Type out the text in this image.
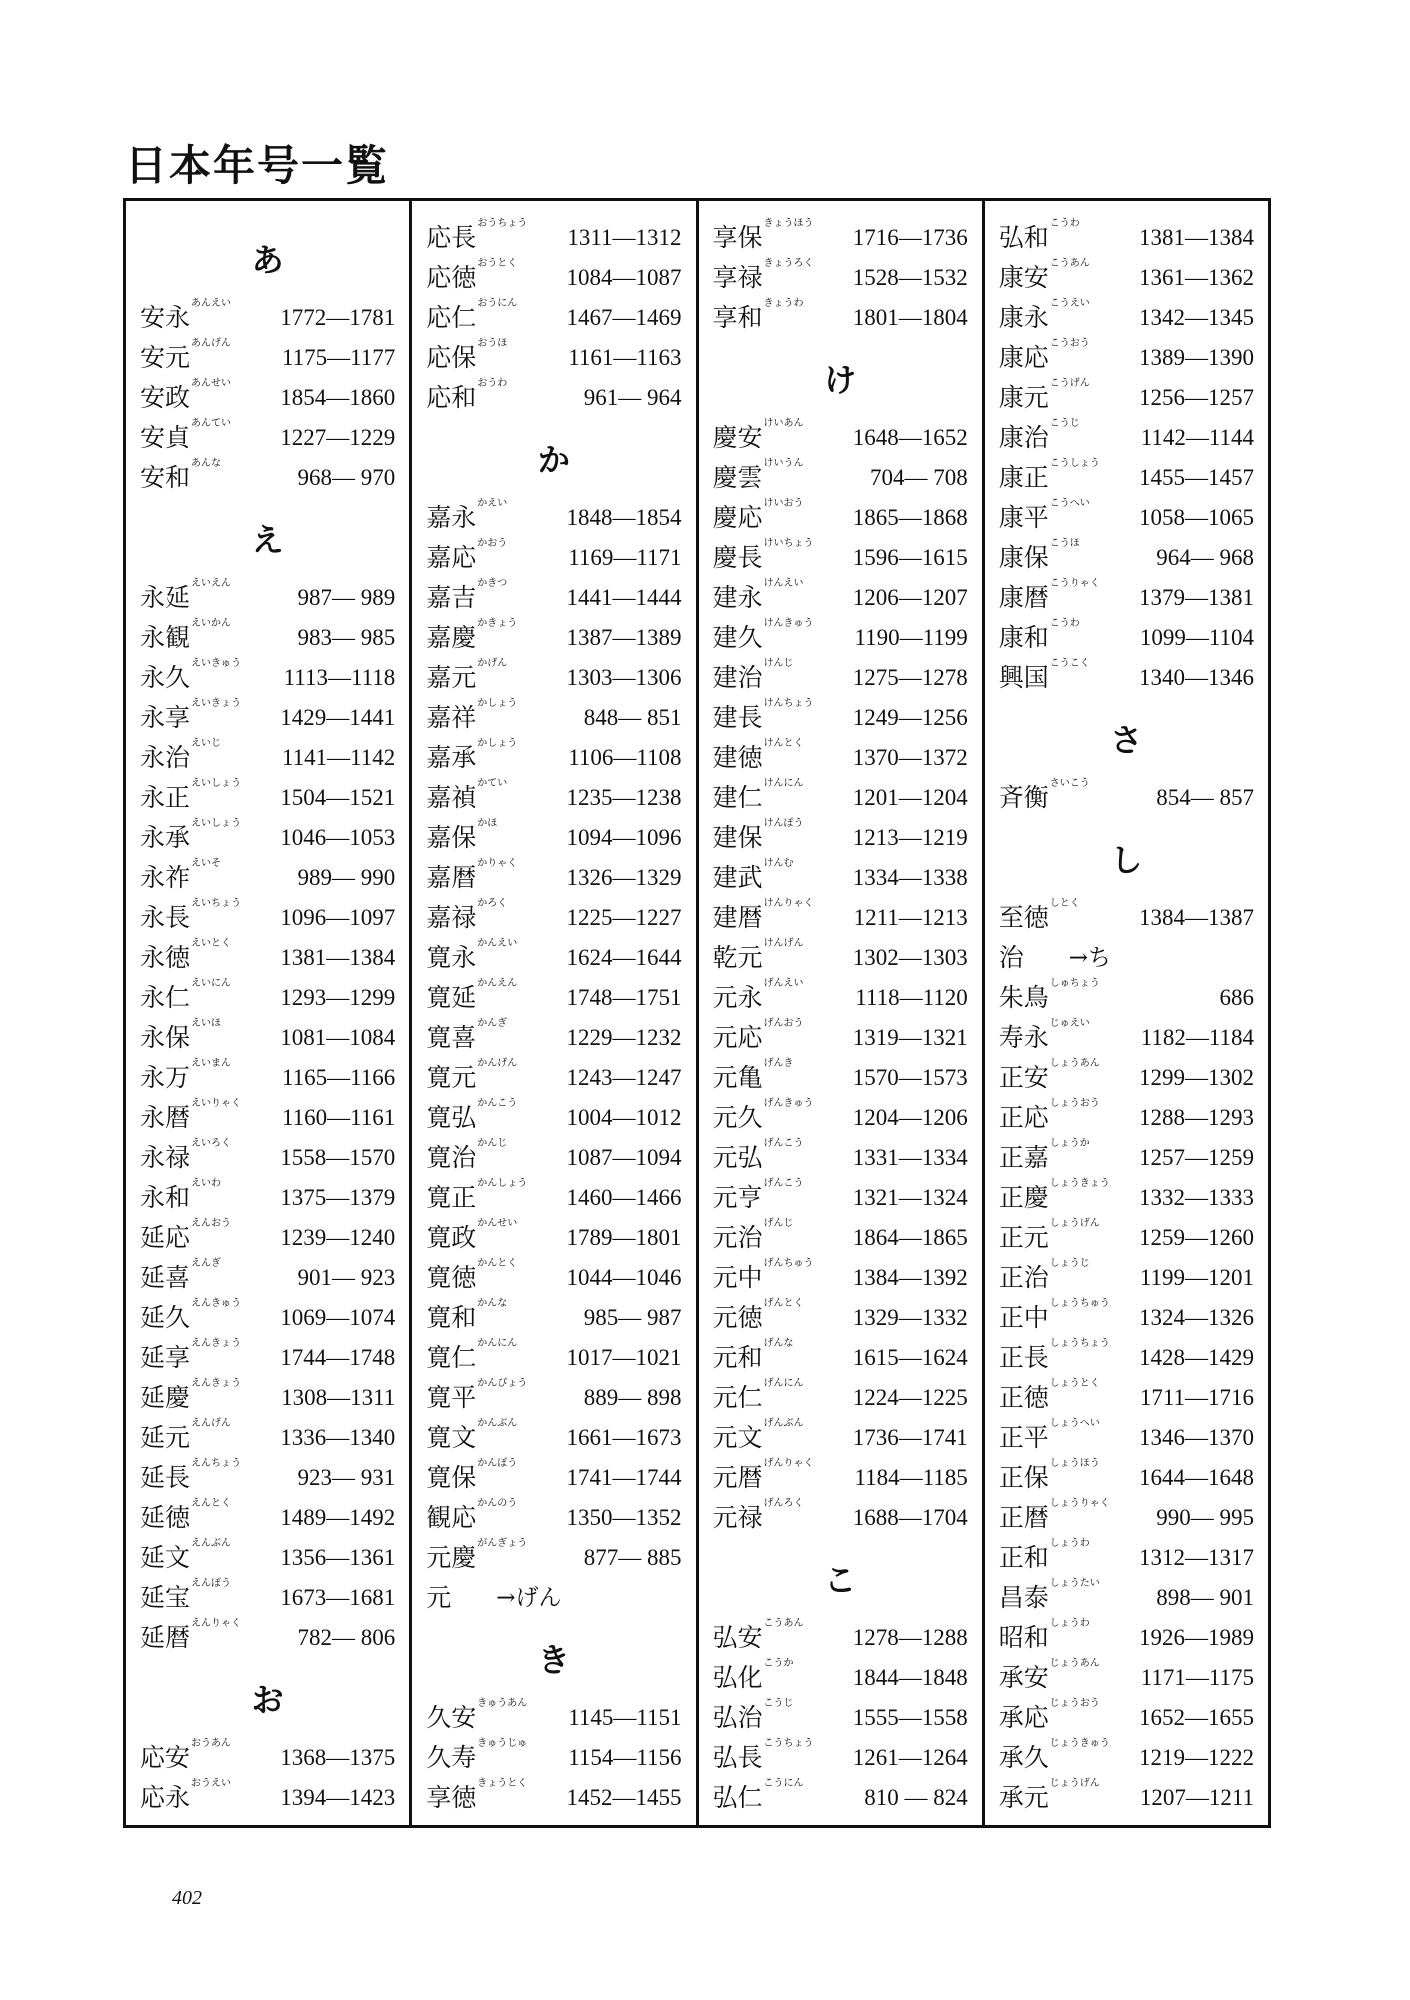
日本年号一覧
あ
安永あんえい
1772—1781
安元あんげん
1175—1177
安政あんせい
1854—1860
安貞あんてい
1227—1229
安和あんな
968— 970
え
永延えいえん
987— 989
永観えいかん
983— 985
永久えいきゅう
1113—1118
永享えいきょう
1429—1441
永治えいじ
1141—1142
永正えいしょう
1504—1521
永承えいしょう
1046—1053
永祚えいそ
989— 990
永長えいちょう
1096—1097
永徳えいとく
1381—1384
永仁えいにん
1293—1299
永保えいほ
1081—1084
永万えいまん
1165—1166
永暦えいりゃく
1160—1161
永禄えいろく
1558—1570
永和えいわ
1375—1379
延応えんおう
1239—1240
延喜えんぎ
901— 923
延久えんきゅう
1069—1074
延享えんきょう
1744—1748
延慶えんきょう
1308—1311
延元えんげん
1336—1340
延長えんちょう
923— 931
延徳えんとく
1489—1492
延文えんぶん
1356—1361
延宝えんぽう
1673—1681
延暦えんりゃく
782— 806
お
応安おうあん
1368—1375
応永おうえい
1394—1423
応長おうちょう
1311—1312
応徳おうとく
1084—1087
応仁おうにん
1467—1469
応保おうほ
1161—1163
応和おうわ
961— 964
か
嘉永かえい
1848—1854
嘉応かおう
1169—1171
嘉吉かきつ
1441—1444
嘉慶かきょう
1387—1389
嘉元かげん
1303—1306
嘉祥かしょう
848— 851
嘉承かしょう
1106—1108
嘉禎かてい
1235—1238
嘉保かほ
1094—1096
嘉暦かりゃく
1326—1329
嘉禄かろく
1225—1227
寛永かんえい
1624—1644
寛延かんえん
1748—1751
寛喜かんぎ
1229—1232
寛元かんげん
1243—1247
寛弘かんこう
1004—1012
寛治かんじ
1087—1094
寛正かんしょう
1460—1466
寛政かんせい
1789—1801
寛徳かんとく
1044—1046
寛和かんな
985— 987
寛仁かんにん
1017—1021
寛平かんぴょう
889— 898
寛文かんぶん
1661—1673
寛保かんぽう
1741—1744
観応かんのう
1350—1352
元慶がんぎょう
877— 885
元	→げん
き
久安きゅうあん
1145—1151
久寿きゅうじゅ
1154—1156
享徳きょうとく
1452—1455
享保きょうほう
1716—1736
享禄きょうろく
1528—1532
享和きょうわ
1801—1804
け
慶安けいあん
1648—1652
慶雲けいうん
704— 708
慶応けいおう
1865—1868
慶長けいちょう
1596—1615
建永けんえい
1206—1207
建久けんきゅう
1190—1199
建治けんじ
1275—1278
建長けんちょう
1249—1256
建徳けんとく
1370—1372
建仁けんにん
1201—1204
建保けんぽう
1213—1219
建武けんむ
1334—1338
建暦けんりゃく
1211—1213
乾元けんげん
1302—1303
元永げんえい
1118—1120
元応げんおう
1319—1321
元亀げんき
1570—1573
元久げんきゅう
1204—1206
元弘げんこう
1331—1334
元亨げんこう
1321—1324
元治げんじ
1864—1865
元中げんちゅう
1384—1392
元徳げんとく
1329—1332
元和げんな
1615—1624
元仁げんにん
1224—1225
元文げんぶん
1736—1741
元暦げんりゃく
1184—1185
元禄げんろく
1688—1704
こ
弘安こうあん
1278—1288
弘化こうか
1844—1848
弘治こうじ
1555—1558
弘長こうちょう
1261—1264
弘仁こうにん
810 — 824
弘和こうわ
1381—1384
康安こうあん
1361—1362
康永こうえい
1342—1345
康応こうおう
1389—1390
康元こうげん
1256—1257
康治こうじ
1142—1144
康正こうしょう
1455—1457
康平こうへい
1058—1065
康保こうほ
964— 968
康暦こうりゃく
1379—1381
康和こうわ
1099—1104
興国こうこく
1340—1346
さ
斉衡さいこう
854— 857
し
至徳しとく
1384—1387
治	→ち
朱鳥しゅちょう
686
寿永じゅえい
1182—1184
正安しょうあん
1299—1302
正応しょうおう
1288—1293
正嘉しょうか
1257—1259
正慶しょうきょう
1332—1333
正元しょうげん
1259—1260
正治しょうじ
1199—1201
正中しょうちゅう
1324—1326
正長しょうちょう
1428—1429
正徳しょうとく
1711—1716
正平しょうへい
1346—1370
正保しょうほう
1644—1648
正暦しょうりゃく
990— 995
正和しょうわ
1312—1317
昌泰しょうたい
898— 901
昭和しょうわ
1926—1989
承安じょうあん
1171—1175
承応じょうおう
1652—1655
承久じょうきゅう
1219—1222
承元じょうげん
1207—1211
402
